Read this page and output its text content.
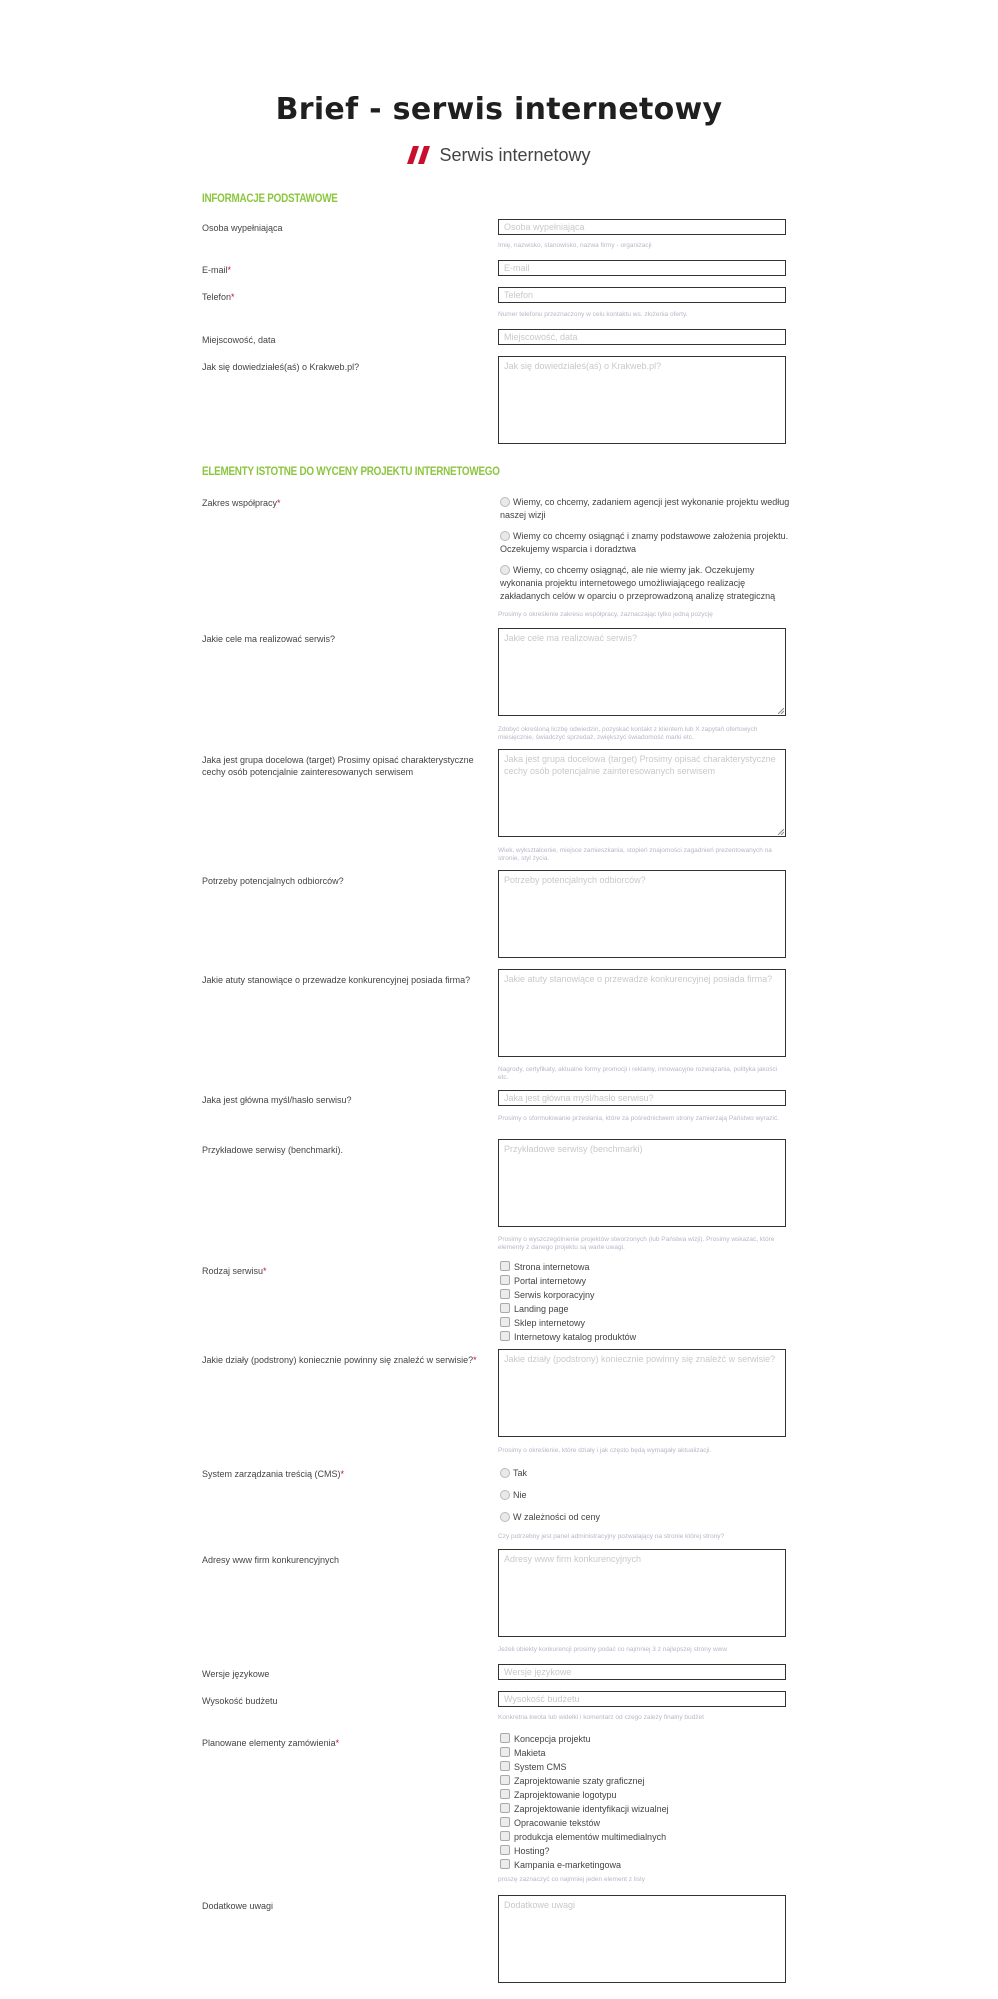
Brief - serwis internetowy
Serwis internetowy
INFORMACJE PODSTAWOWE
Osoba wypełniająca	Osoba wypełniająca
Imię, nazwisko, stanowisko, nazwa firmy - organizacji
E-mail*	E-mail
Telefon*	Telefon
Numer telefonu przeznaczony w celu kontaktu ws. złożenia oferty.
Miejscowość, data	Miejscowość, data
Jak się dowiedziałeś(aś) o Krakweb.pl?	Jak się dowiedziałeś(aś) o Krakweb.pl?
ELEMENTY ISTOTNE DO WYCENY PROJEKTU INTERNETOWEGO
Zakres współpracy*	Wiemy, co chcemy, zadaniem agencji jest wykonanie projektu według naszej wizji
Wiemy co chcemy osiągnąć i znamy podstawowe założenia projektu. Oczekujemy wsparcia i doradztwa
Wiemy, co chcemy osiągnąć, ale nie wiemy jak. Oczekujemy wykonania projektu internetowego umożliwiającego realizację zakładanych celów w oparciu o przeprowadzoną analizę strategiczną
Prosimy o określenie zakresu współpracy, zaznaczając tylko jedną pozycję
Jakie cele ma realizować serwis?	Jakie cele ma realizować serwis?
Zdobyć określoną liczbę odwiedzin, pozyskać kontakt z klientem lub X zapytań ofertowych miesięcznie, świadczyć sprzedaż, zwiększyć świadomość marki etc.
Jaka jest grupa docelowa (target) Prosimy opisać charakterystyczne cechy osób potencjalnie zainteresowanych serwisem
Jaka jest grupa docelowa (target) Prosimy opisać charakterystyczne cechy osób potencjalnie zainteresowanych serwisem
Wiek, wykształcenie, miejsce zamieszkania, stopień znajomości zagadnień prezentowanych na stronie, styl życia.
Potrzeby potencjalnych odbiorców?	Potrzeby potencjalnych odbiorców?
Jakie atuty stanowiące o przewadze konkurencyjnej posiada firma?	Jakie atuty stanowiące o przewadze konkurencyjnej posiada firma?
Nagrody, certyfikaty, aktualne formy promocji i reklamy, innowacyjne rozwiązania, polityka jakości etc.
Jaka jest główna myśl/hasło serwisu?	Jaka jest główna myśl/hasło serwisu?
Prosimy o sformułowanie przesłania, które za pośrednictwem strony zamierzają Państwo wyrazić.
Przykładowe serwisy (benchmarki).	Przykładowe serwisy (benchmarki)
Prosimy o wyszczególnienie projektów stworzonych (lub Państwa wizji). Prosimy wskazać, które elementy z danego projektu są warte uwagi.
Rodzaj serwisu*	Strona internetowa
Portal internetowy
Serwis korporacyjny
Landing page
Sklep internetowy
Internetowy katalog produktów
Jakie działy (podstrony) koniecznie powinny się znaleźć w serwisie?*	Jakie działy (podstrony) koniecznie powinny się znaleźć w serwisie?
Prosimy o określenie, które działy i jak często będą wymagały aktualizacji.
System zarządzania treścią (CMS)*	Tak
Nie
W zależności od ceny
Czy potrzebny jest panel administracyjny pozwalający na stronie której strony?
Adresy www firm konkurencyjnych	Adresy www firm konkurencyjnych
Jeżeli obiekty konkurencji prosimy podać co najmniej 3 z najlepszej strony www
Wersje językowe	Wersje językowe
Wysokość budżetu	Wysokość budżetu
Konkretna kwota lub widełki i komentarz od czego zależy finalny budżet
Planowane elementy zamówienia*	Koncepcja projektu
Makieta
System CMS
Zaprojektowanie szaty graficznej
Zaprojektowanie logotypu
Zaprojektowanie identyfikacji wizualnej
Opracowanie tekstów
produkcja elementów multimedialnych
Hosting?
Kampania e-marketingowa
proszę zaznaczyć co najmniej jeden element z listy
Dodatkowe uwagi	Dodatkowe uwagi
